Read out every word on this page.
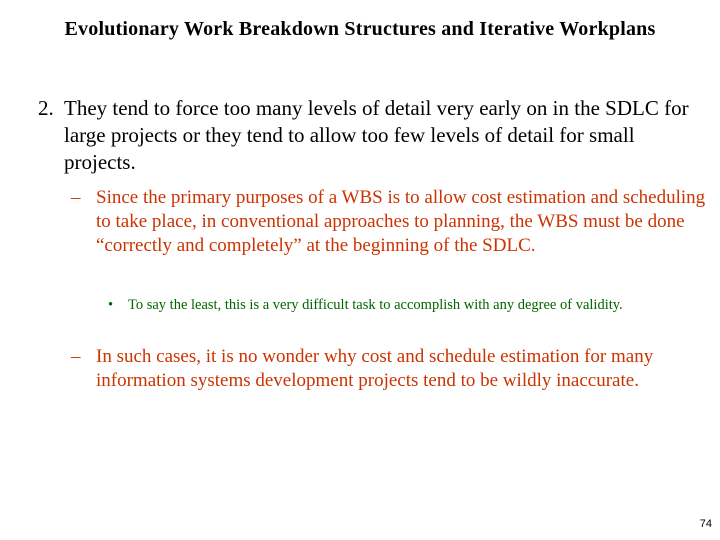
Evolutionary Work Breakdown Structures and Iterative Workplans
2. They tend to force too many levels of detail very early on in the SDLC for large projects or they tend to allow too few levels of detail for small projects.
– Since the primary purposes of a WBS is to allow cost estimation and scheduling to take place, in conventional approaches to planning, the WBS must be done “correctly and completely” at the beginning of the SDLC.
• To say the least, this is a very difficult task to accomplish with any degree of validity.
– In such cases, it is no wonder why cost and schedule estimation for many information systems development projects tend to be wildly inaccurate.
74
